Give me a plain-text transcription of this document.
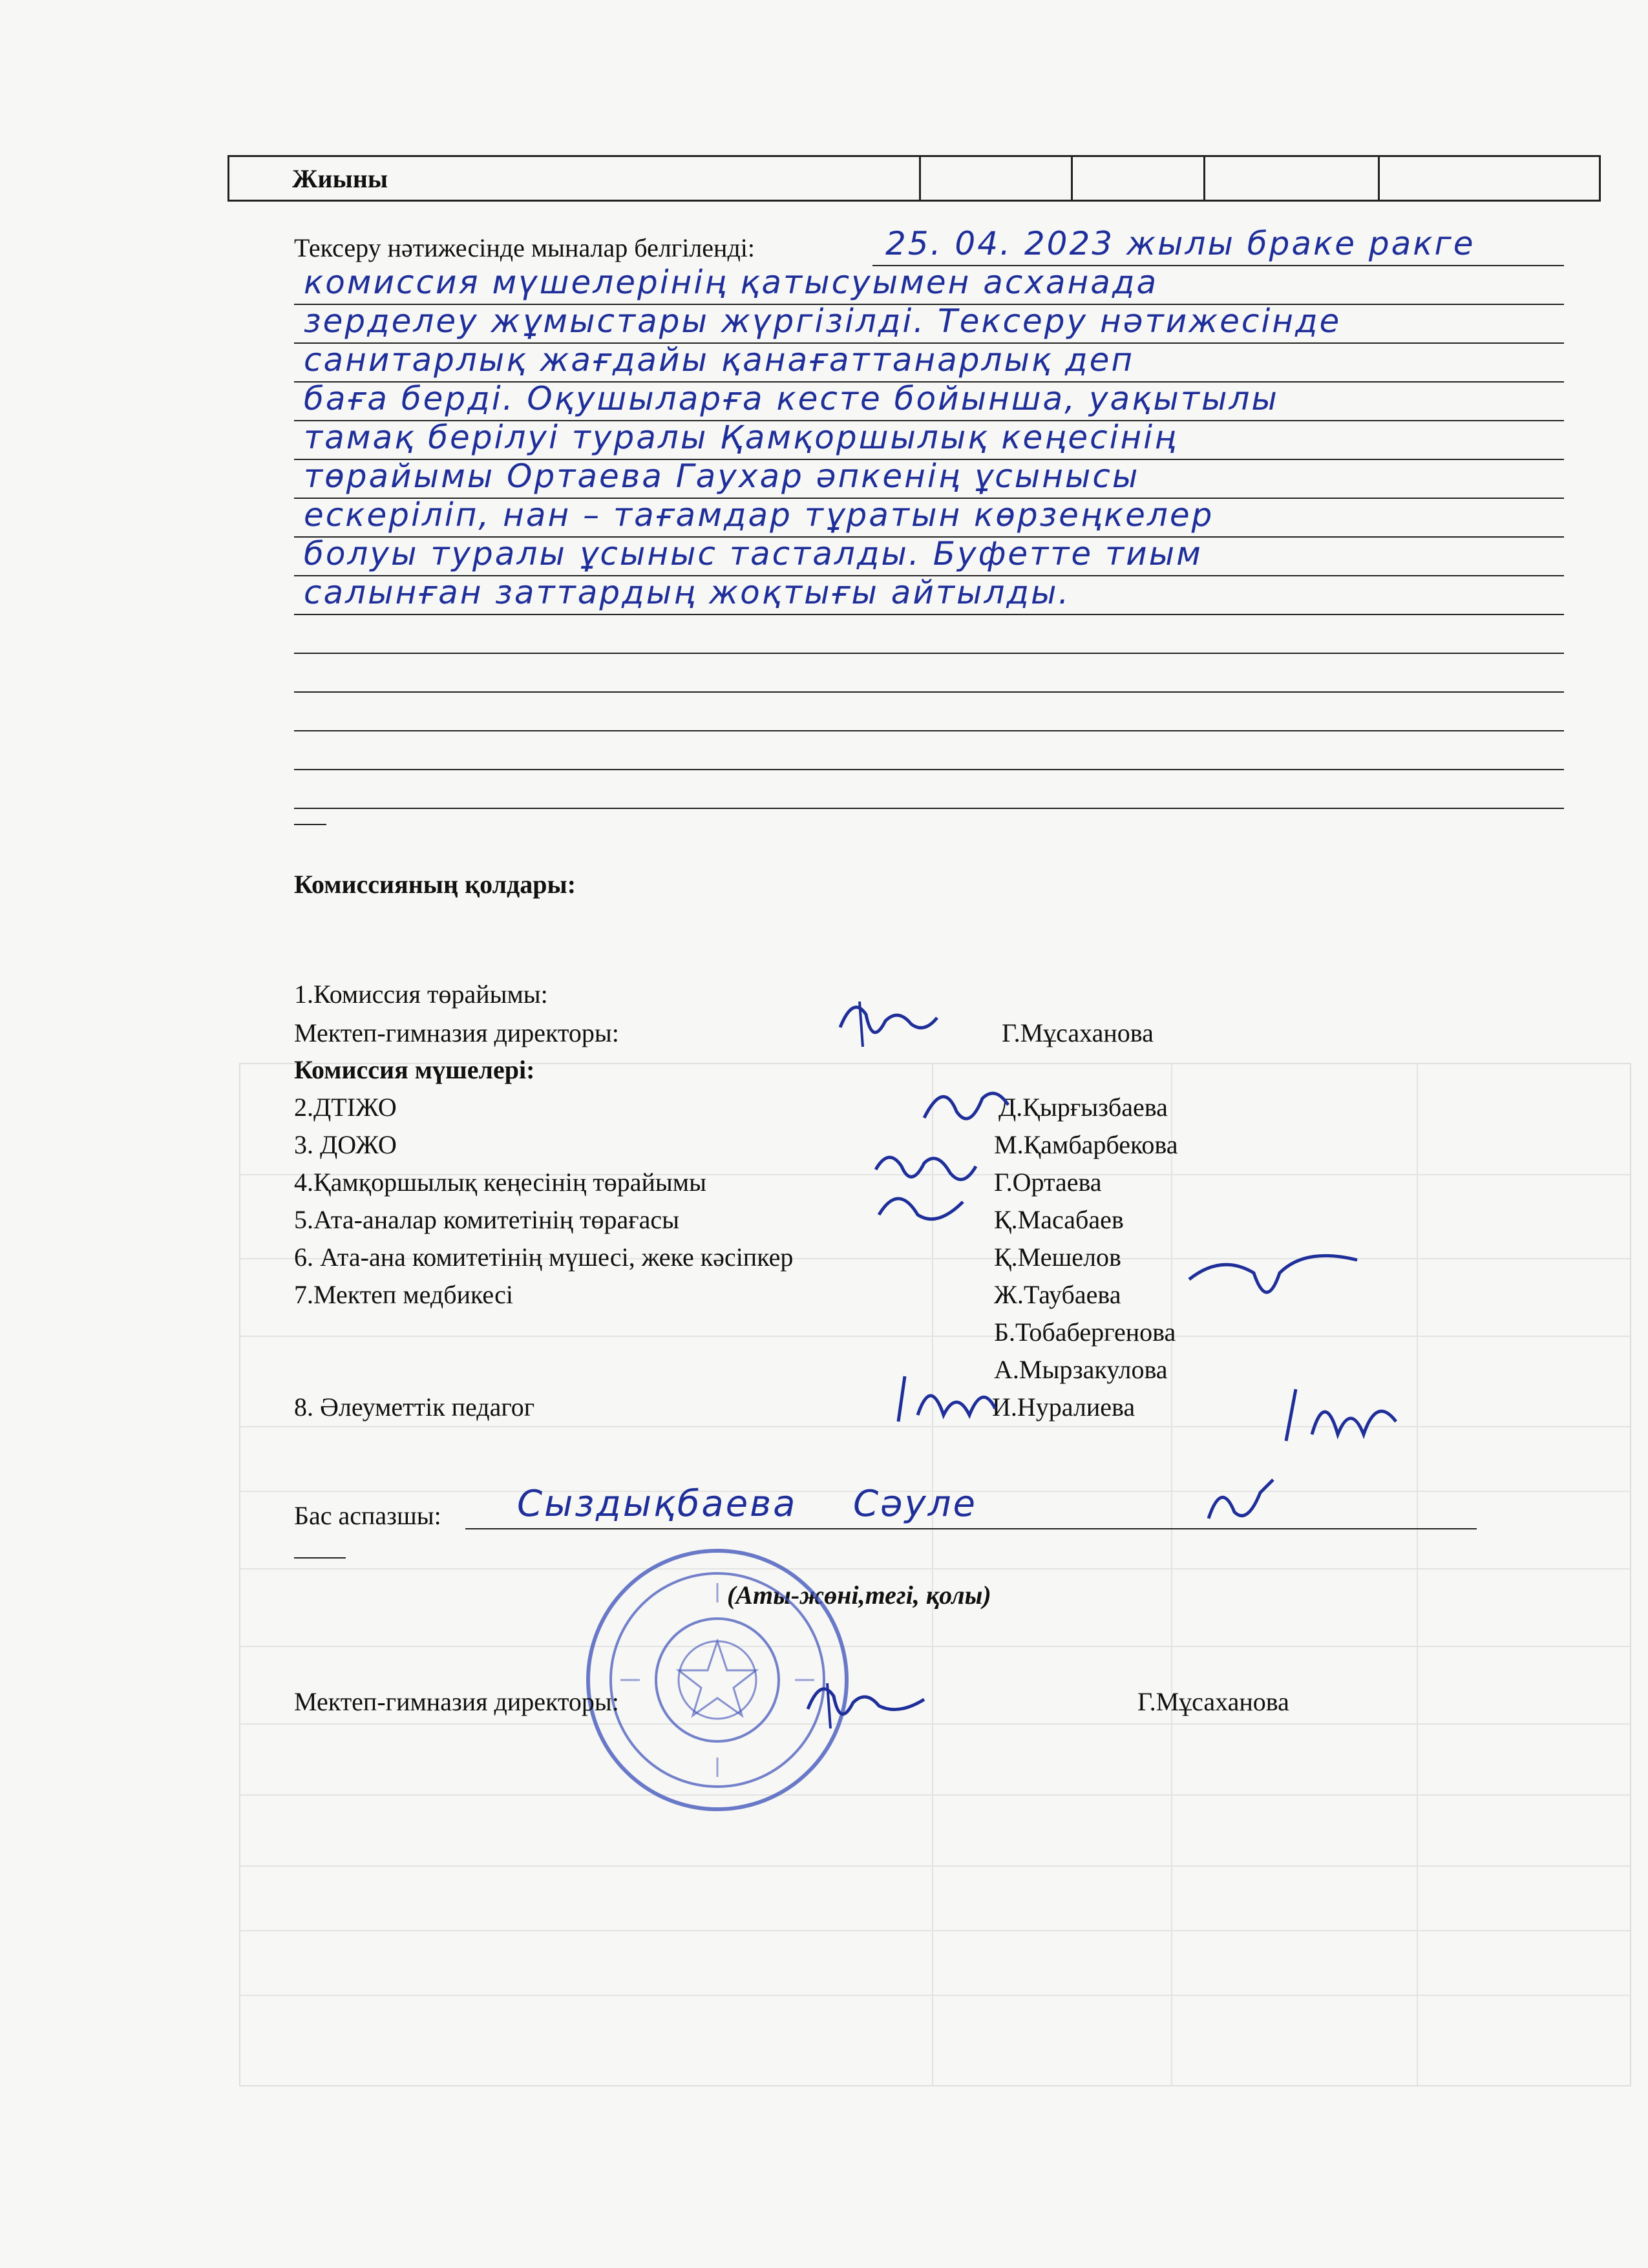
Жиыны
Тексеру нәтижесінде мыналар белгіленді:	25. 04. 2023 жылы браке ракге
комиссия мүшелерінің қатысуымен асханада
зерделеу жұмыстары жүргізілді. Тексеру нәтижесінде
санитарлық жағдайы қанағаттанарлық деп
баға берді. Оқушыларға кесте бойынша, уақытылы
тамақ берілуі туралы Қамқоршылық кеңесінің
төрайымы Ортаева Гаухар әпкенің ұсынысы
ескеріліп, нан – тағамдар тұратын көрзеңкелер
болуы туралы ұсыныс тасталды. Буфетте тиым
салынған заттардың жоқтығы айтылды.
Комиссияның қолдары:
1.Комиссия төрайымы:
Мектеп-гимназия директоры:	Г.Мұсаханова
Комиссия мүшелері:
2.ДТІЖО	Д.Қырғызбаева
3. ДОЖО	М.Қамбарбекова
4.Қамқоршылық кеңесінің төрайымы	Г.Ортаева
5.Ата-аналар комитетінің төрағасы	Қ.Масабаев
6. Ата-ана комитетінің мүшесі, жеке кәсіпкер	Қ.Мешелов
7.Мектеп медбикесі	Ж.Таубаева
Б.Тобабергенова
А.Мырзакулова
8. Әлеуметтік педагог	И.Нуралиева
Бас аспазшы: Сыздықбаева Сәуле
(Аты-жөні,тегі, қолы)
Мектеп-гимназия директоры:	Г.Мұсаханова
